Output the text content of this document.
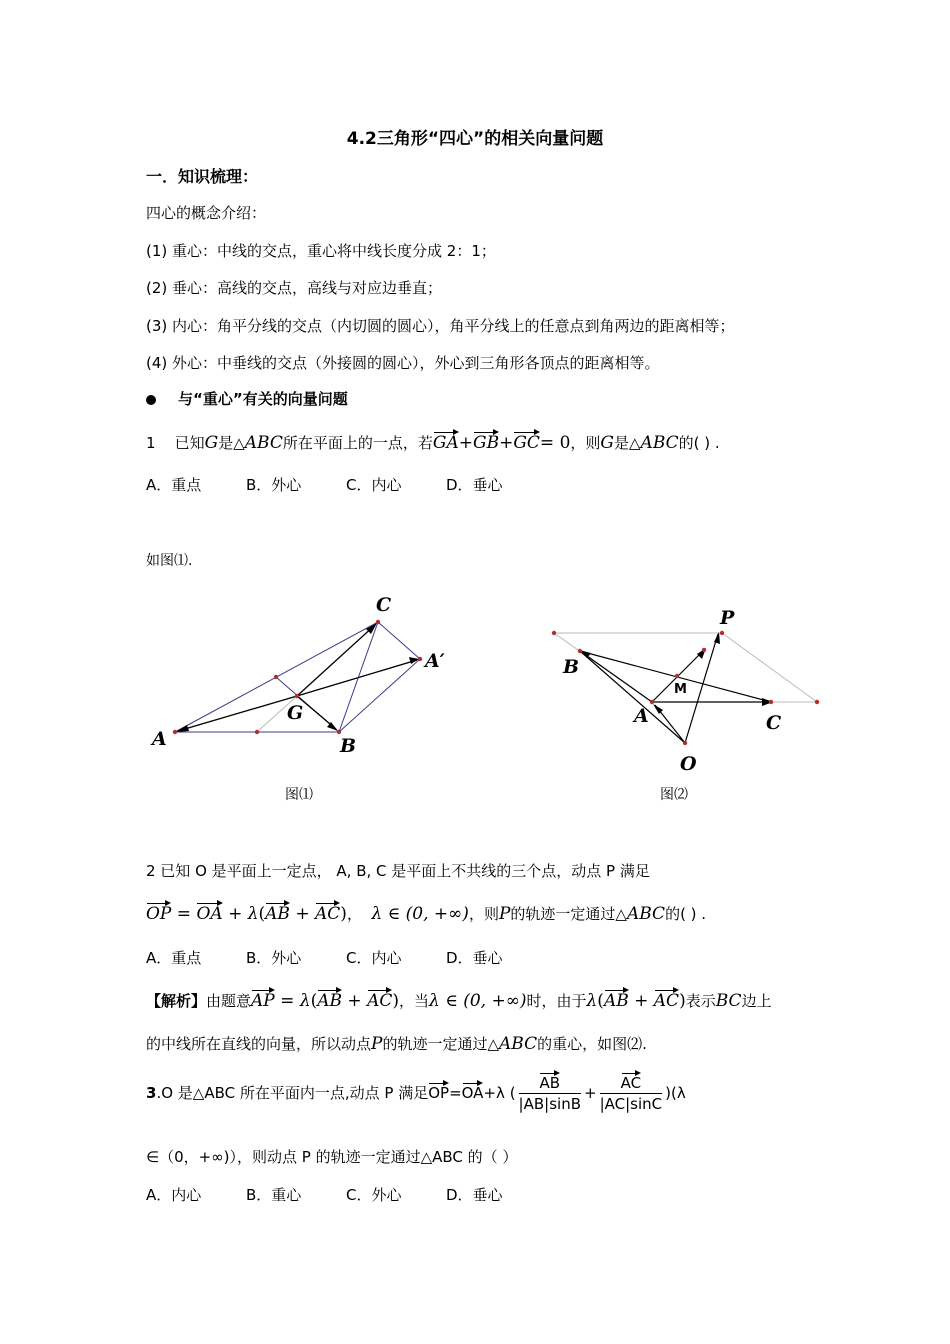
4.2三角形“四心”的相关向量问题
一．知识梳理：
四心的概念介绍：
(1) 重心：中线的交点，重心将中线长度分成 2：1；
(2) 垂心：高线的交点，高线与对应边垂直；
(3) 内心：角平分线的交点（内切圆的圆心），角平分线上的任意点到角两边的距离相等；
(4) 外心：中垂线的交点（外接圆的圆心），外心到三角形各顶点的距离相等。
与“重心”有关的向量问题
1 已知G是△ABC所在平面上的一点，若GA+GB+GC= 0，则G是△ABC的( ) .
A．重点	B．外心	C．内心	D．垂心
如图⑴.
A	B
C
G
A′
图⑴
B
A	C
P
O
M
图⑵
2 已知 O 是平面上一定点， A, B, C 是平面上不共线的三个点，动点 P 满足
OP = OA + λ(AB + AC)，  λ ∈ (0, +∞)，则P的轨迹一定通过△ABC的( ) .
A．重点	B．外心	C．内心	D．垂心
【解析】由题意AP = λ(AB + AC)，当λ ∈ (0, +∞)时，由于λ(AB + AC)表示BC边上
的中线所在直线的向量，所以动点P的轨迹一定通过△ABC的重心，如图⑵.
3.O 是△ABC 所在平面内一点,动点 P 满足OP=OA+λ ( $\frac{AB}{|AB|\sin B} + \frac{AC}{|AC|\sin C} )(\lambda$
∈（0，+∞)），则动点 P 的轨迹一定通过△ABC 的（ ）
A．内心	B．重心	C．外心	D．垂心
